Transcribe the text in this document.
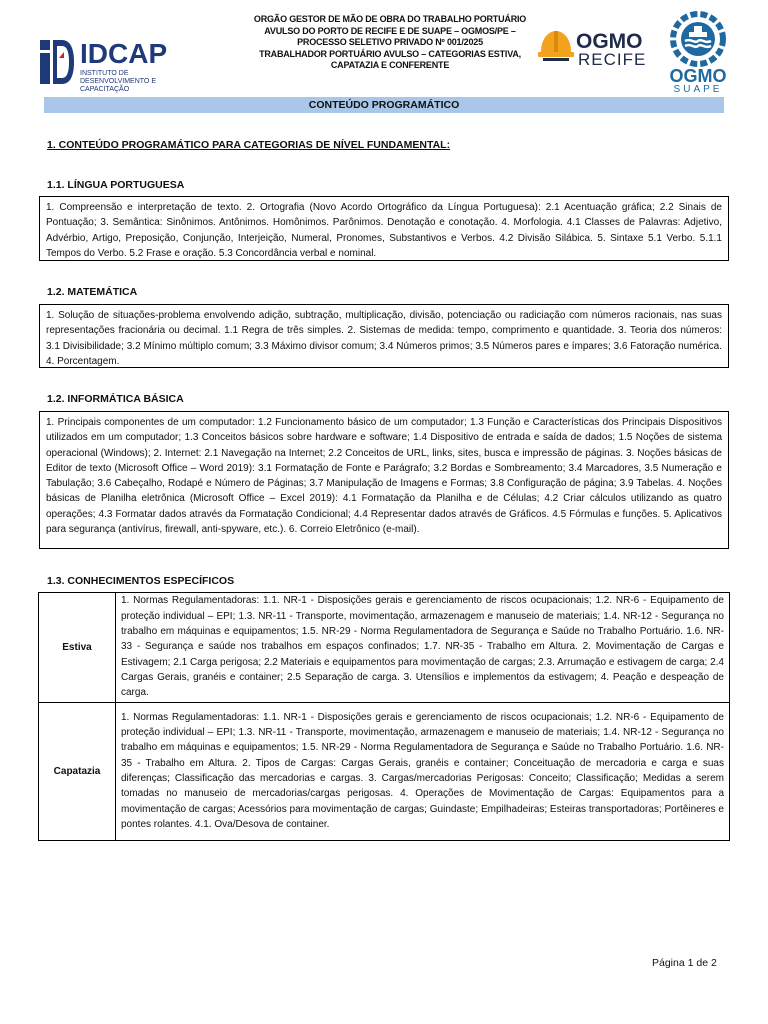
IDCAP
INSTITUTO DE DESENVOLVIMENTO E CAPACITAÇÃO
ORGÃO GESTOR DE MÃO DE OBRA DO TRABALHO PORTUÁRIO
AVULSO DO PORTO DE RECIFE E DE SUAPE – OGMOS/PE –
PROCESSO SELETIVO PRIVADO Nº 001/2025
TRABALHADOR PORTUÁRIO AVULSO – CATEGORIAS ESTIVA,
CAPATAZIA E CONFERENTE
OGMO
RECIFE
OGMO
SUAPE
CONTEÚDO PROGRAMÁTICO
1. CONTEÚDO PROGRAMÁTICO PARA CATEGORIAS DE NÍVEL FUNDAMENTAL:
1.1. LÍNGUA PORTUGUESA
1. Compreensão e interpretação de texto. 2. Ortografia (Novo Acordo Ortográfico da Língua Portuguesa): 2.1 Acentuação gráfica; 2.2 Sinais de Pontuação; 3. Semântica: Sinônimos. Antônimos. Homônimos. Parônimos. Denotação e conotação. 4. Morfologia. 4.1 Classes de Palavras: Adjetivo, Advérbio, Artigo, Preposição, Conjunção, Interjeição, Numeral, Pronomes, Substantivos e Verbos. 4.2 Divisão Silábica. 5. Sintaxe 5.1 Verbo. 5.1.1 Tempos do Verbo. 5.2 Frase e oração. 5.3 Concordância verbal e nominal.
1.2. MATEMÁTICA
1. Solução de situações-problema envolvendo adição, subtração, multiplicação, divisão, potenciação ou radiciação com números racionais, nas suas representações fracionária ou decimal. 1.1 Regra de três simples. 2. Sistemas de medida: tempo, comprimento e quantidade. 3. Teoria dos números: 3.1 Divisibilidade; 3.2 Mínimo múltiplo comum; 3.3 Máximo divisor comum; 3.4 Números primos; 3.5 Números pares e ímpares; 3.6 Fatoração numérica. 4. Porcentagem.
1.2. INFORMÁTICA BÁSICA
1. Principais componentes de um computador: 1.2 Funcionamento básico de um computador; 1.3 Função e Características dos Principais Dispositivos utilizados em um computador; 1.3 Conceitos básicos sobre hardware e software; 1.4 Dispositivo de entrada e saída de dados; 1.5 Noções de sistema operacional (Windows); 2. Internet: 2.1 Navegação na Internet; 2.2 Conceitos de URL, links, sites, busca e impressão de páginas. 3. Noções básicas de Editor de texto (Microsoft Office – Word 2019): 3.1 Formatação de Fonte e Parágrafo; 3.2 Bordas e Sombreamento; 3.4 Marcadores, 3.5 Numeração e Tabulação; 3.6 Cabeçalho, Rodapé e Número de Páginas; 3.7 Manipulação de Imagens e Formas; 3.8 Configuração de página; 3.9 Tabelas. 4. Noções básicas de Planilha eletrônica (Microsoft Office – Excel 2019): 4.1 Formatação da Planilha e de Células; 4.2 Criar cálculos utilizando as quatro operações; 4.3 Formatar dados através da Formatação Condicional; 4.4 Representar dados através de Gráficos. 4.5 Fórmulas e funções. 5. Aplicativos para segurança (antivírus, firewall, anti-spyware, etc.). 6. Correio Eletrônico (e-mail).
1.3. CONHECIMENTOS ESPECÍFICOS
Estiva	1. Normas Regulamentadoras: 1.1. NR-1 - Disposições gerais e gerenciamento de riscos ocupacionais; 1.2. NR-6 - Equipamento de proteção individual – EPI; 1.3. NR-11 - Transporte, movimentação, armazenagem e manuseio de materiais; 1.4. NR-12 - Segurança no trabalho em máquinas e equipamentos; 1.5. NR-29 - Norma Regulamentadora de Segurança e Saúde no Trabalho Portuário. 1.6. NR-33 - Segurança e saúde nos trabalhos em espaços confinados; 1.7. NR-35 - Trabalho em Altura. 2. Movimentação de Cargas e Estivagem; 2.1 Carga perigosa; 2.2 Materiais e equipamentos para movimentação de cargas; 2.3. Arrumação e estivagem de carga; 2.4 Cargas Gerais, granéis e container; 2.5 Separação de carga. 3. Utensílios e implementos da estivagem; 4. Peação e despeação de carga.
Capatazia	1. Normas Regulamentadoras: 1.1. NR-1 - Disposições gerais e gerenciamento de riscos ocupacionais; 1.2. NR-6 - Equipamento de proteção individual – EPI; 1.3. NR-11 - Transporte, movimentação, armazenagem e manuseio de materiais; 1.4. NR-12 - Segurança no trabalho em máquinas e equipamentos; 1.5. NR-29 - Norma Regulamentadora de Segurança e Saúde no Trabalho Portuário. 1.6. NR-35 - Trabalho em Altura. 2. Tipos de Cargas: Cargas Gerais, granéis e container; Conceituação de mercadoria e carga e suas diferenças; Classificação das mercadorias e cargas. 3. Cargas/mercadorias Perigosas: Conceito; Classificação; Medidas a serem tomadas no manuseio de mercadorias/cargas perigosas. 4. Operações de Movimentação de Cargas: Equipamentos para a movimentação de cargas; Acessórios para movimentação de cargas; Guindaste; Empilhadeiras; Esteiras transportadoras; Portêineres e pontes rolantes. 4.1. Ova/Desova de container.
Página 1 de 2
